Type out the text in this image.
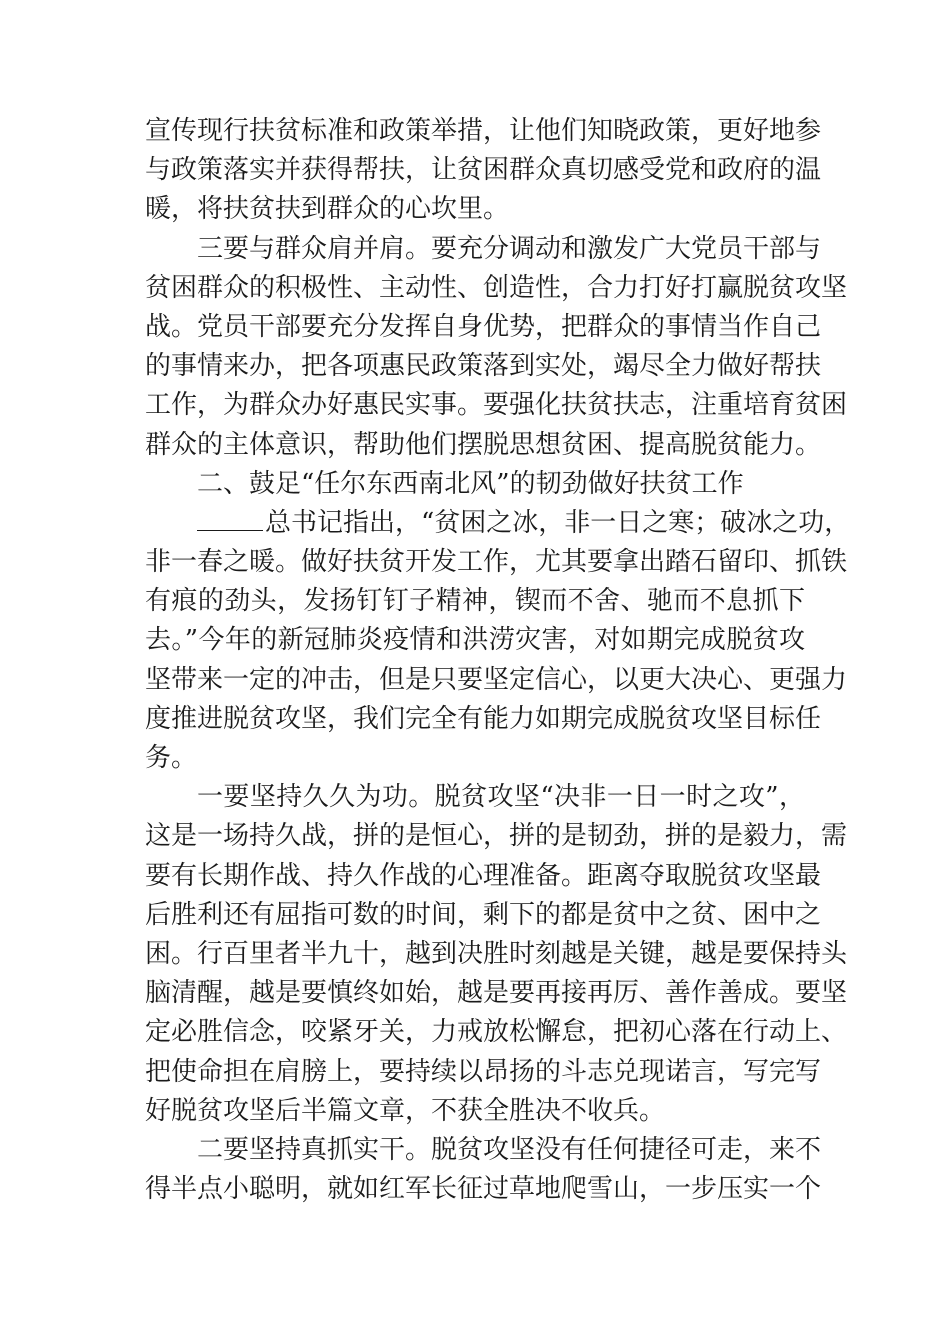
宣传现行扶贫标准和政策举措，让他们知晓政策，更好地参
与政策落实并获得帮扶，让贫困群众真切感受党和政府的温
暖，将扶贫扶到群众的心坎里。
三要与群众肩并肩。要充分调动和激发广大党员干部与
贫困群众的积极性、主动性、创造性，合力打好打赢脱贫攻坚
战。党员干部要充分发挥自身优势，把群众的事情当作自己
的事情来办，把各项惠民政策落到实处，竭尽全力做好帮扶
工作，为群众办好惠民实事。要强化扶贫扶志，注重培育贫困
群众的主体意识，帮助他们摆脱思想贫困、提高脱贫能力。
二、鼓足“任尔东西南北风”的韧劲做好扶贫工作
总书记指出，“贫困之冰，非一日之寒；破冰之功，
非一春之暖。做好扶贫开发工作，尤其要拿出踏石留印、抓铁
有痕的劲头，发扬钉钉子精神，锲而不舍、驰而不息抓下
去。”今年的新冠肺炎疫情和洪涝灾害，对如期完成脱贫攻
坚带来一定的冲击，但是只要坚定信心，以更大决心、更强力
度推进脱贫攻坚，我们完全有能力如期完成脱贫攻坚目标任
务。
一要坚持久久为功。脱贫攻坚“决非一日一时之攻”，
这是一场持久战，拼的是恒心，拼的是韧劲，拼的是毅力，需
要有长期作战、持久作战的心理准备。距离夺取脱贫攻坚最
后胜利还有屈指可数的时间，剩下的都是贫中之贫、困中之
困。行百里者半九十，越到决胜时刻越是关键，越是要保持头
脑清醒，越是要慎终如始，越是要再接再厉、善作善成。要坚
定必胜信念，咬紧牙关，力戒放松懈怠，把初心落在行动上、
把使命担在肩膀上，要持续以昂扬的斗志兑现诺言，写完写
好脱贫攻坚后半篇文章，不获全胜决不收兵。
二要坚持真抓实干。脱贫攻坚没有任何捷径可走，来不
得半点小聪明，就如红军长征过草地爬雪山，一步压实一个
